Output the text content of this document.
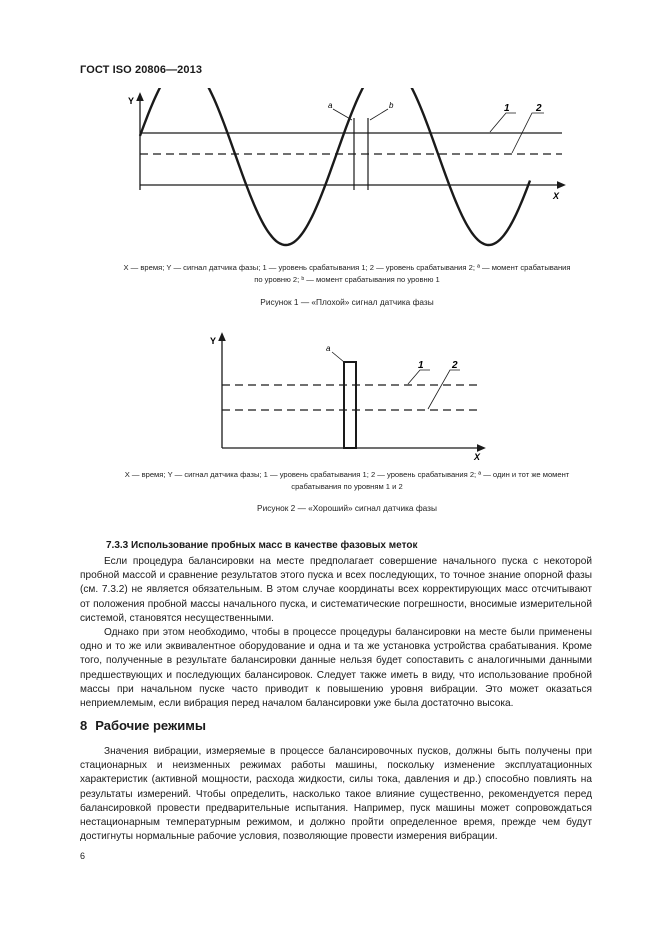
ГОСТ ISO 20806—2013
Y
X
a	b	1	2
X — время; Y — сигнал датчика фазы; 1 — уровень срабатывания 1; 2 — уровень срабатывания 2; ª — момент срабатывания
по уровню 2; ᵇ — момент срабатывания по уровню 1
Рисунок 1 — «Плохой» сигнал датчика фазы
Y
X
a
1	2
X — время; Y — сигнал датчика фазы; 1 — уровень срабатывания 1; 2 — уровень срабатывания 2; ª — один и тот же момент
срабатывания по уровням 1 и 2
Рисунок 2 — «Хороший» сигнал датчика фазы
7.3.3 Использование пробных масс в качестве фазовых меток

Если процедура балансировки на месте предполагает совершение начального пуска с некоторой пробной массой и сравнение результатов этого пуска и всех последующих, то точное знание опорной фазы (см. 7.3.2) не является обязательным. В этом случае координаты всех корректирующих масс отсчитывают от положения пробной массы начального пуска, и систематические погрешности, вносимые измерительной системой, становятся несущественными.

Однако при этом необходимо, чтобы в процессе процедуры балансировки на месте были применены одно и то же или эквивалентное оборудование и одна и та же установка устройства срабатывания. Кроме того, полученные в результате балансировки данные нельзя будет сопоставить с аналогичными данными предшествующих и последующих балансировок. Следует также иметь в виду, что использование пробной массы при начальном пуске часто приводит к повышению уровня вибрации. Это может оказаться неприемлемым, если вибрация перед началом балансировки уже была достаточно высока.

8 Рабочие режимы

Значения вибрации, измеряемые в процессе балансировочных пусков, должны быть получены при стационарных и неизменных режимах работы машины, поскольку изменение эксплуатационных характеристик (активной мощности, расхода жидкости, силы тока, давления и др.) способно повлиять на результаты измерений. Чтобы определить, насколько такое влияние существенно, рекомендуется перед балансировкой провести предварительные испытания. Например, пуск машины может сопровождаться нестационарным температурным режимом, и должно пройти определенное время, прежде чем будут достигнуты нормальные рабочие условия, позволяющие провести измерения вибрации.

6
